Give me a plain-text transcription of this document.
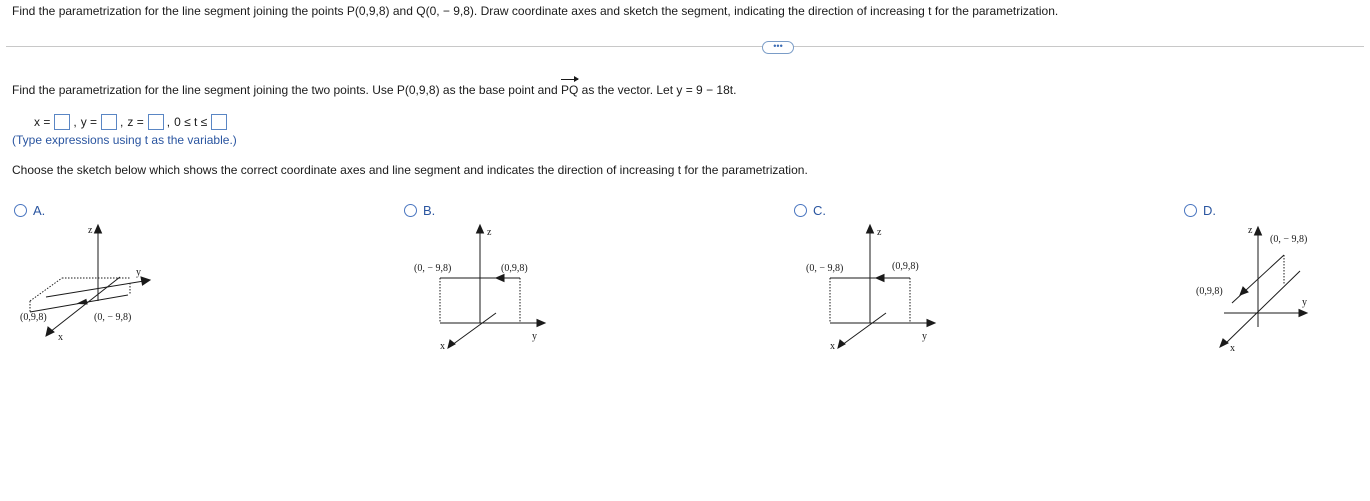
Find the parametrization for the line segment joining the points P(0,9,8) and Q(0, − 9,8). Draw coordinate axes and sketch the segment, indicating the direction of increasing t for the parametrization.
•••
Find the parametrization for the line segment joining the two points. Use P(0,9,8) as the base point and
PQ as the vector. Let y = 9 − 18t.
x = , y = , z = , 0 ≤ t ≤
(Type expressions using t as the variable.)
Choose the sketch below which shows the correct coordinate axes and line segment and indicates the direction of increasing t for the parametrization.
A.
z
y
x
(0,9,8)	(0, − 9,8)
B.
z
y
x
(0, − 9,8)	(0,9,8)
C.
z
y
x
(0, − 9,8)	(0,9,8)
D.
z
y
x
(0, − 9,8)
(0,9,8)
